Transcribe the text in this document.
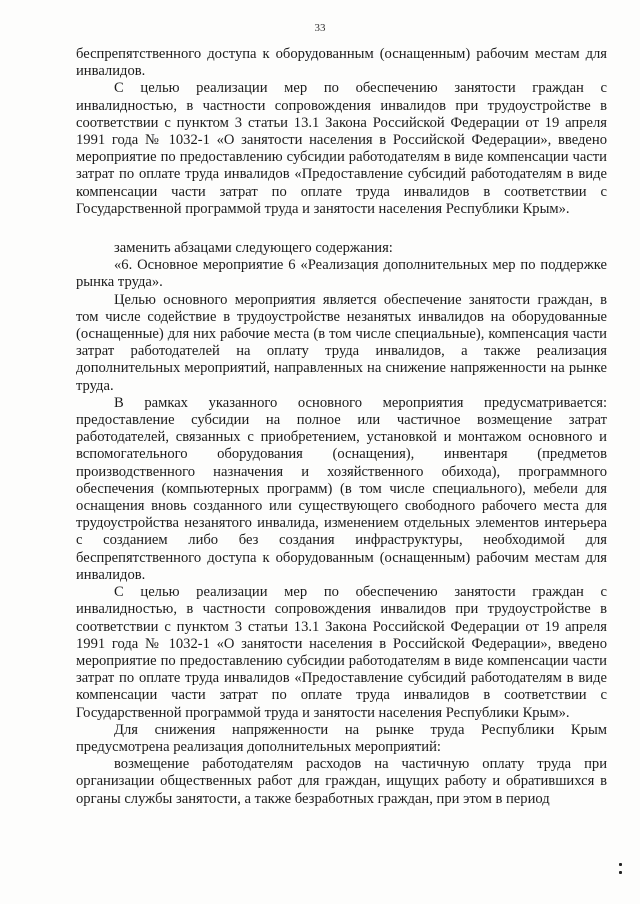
33

беспрепятственного доступа к оборудованным (оснащенным) рабочим местам для инвалидов.

С целью реализации мер по обеспечению занятости граждан с инвалидностью, в частности сопровождения инвалидов при трудоустройстве в соответствии с пунктом 3 статьи 13.1 Закона Российской Федерации от 19 апреля 1991 года № 1032-1 «О занятости населения в Российской Федерации», введено мероприятие по предоставлению субсидии работодателям в виде компенсации части затрат по оплате труда инвалидов «Предоставление субсидий работодателям в виде компенсации части затрат по оплате труда инвалидов в соответствии с Государственной программой труда и занятости населения Республики Крым».

заменить абзацами следующего содержания:

«6. Основное мероприятие 6 «Реализация дополнительных мер по поддержке рынка труда».

Целью основного мероприятия является обеспечение занятости граждан, в том числе содействие в трудоустройстве незанятых инвалидов на оборудованные (оснащенные) для них рабочие места (в том числе специальные), компенсация части затрат работодателей на оплату труда инвалидов, а также реализация дополнительных мероприятий, направленных на снижение напряженности на рынке труда.

В рамках указанного основного мероприятия предусматривается: предоставление субсидии на полное или частичное возмещение затрат работодателей, связанных с приобретением, установкой и монтажом основного и вспомогательного оборудования (оснащения), инвентаря (предметов производственного назначения и хозяйственного обихода), программного обеспечения (компьютерных программ) (в том числе специального), мебели для оснащения вновь созданного или существующего свободного рабочего места для трудоустройства незанятого инвалида, изменением отдельных элементов интерьера с созданием либо без создания инфраструктуры, необходимой для беспрепятственного доступа к оборудованным (оснащенным) рабочим местам для инвалидов.

С целью реализации мер по обеспечению занятости граждан с инвалидностью, в частности сопровождения инвалидов при трудоустройстве в соответствии с пунктом 3 статьи 13.1 Закона Российской Федерации от 19 апреля 1991 года № 1032-1 «О занятости населения в Российской Федерации», введено мероприятие по предоставлению субсидии работодателям в виде компенсации части затрат по оплате труда инвалидов «Предоставление субсидий работодателям в виде компенсации части затрат по оплате труда инвалидов в соответствии с Государственной программой труда и занятости населения Республики Крым».

Для снижения напряженности на рынке труда Республики Крым предусмотрена реализация дополнительных мероприятий:

возмещение работодателям расходов на частичную оплату труда при организации общественных работ для граждан, ищущих работу и обратившихся в органы службы занятости, а также безработных граждан, при этом в период
